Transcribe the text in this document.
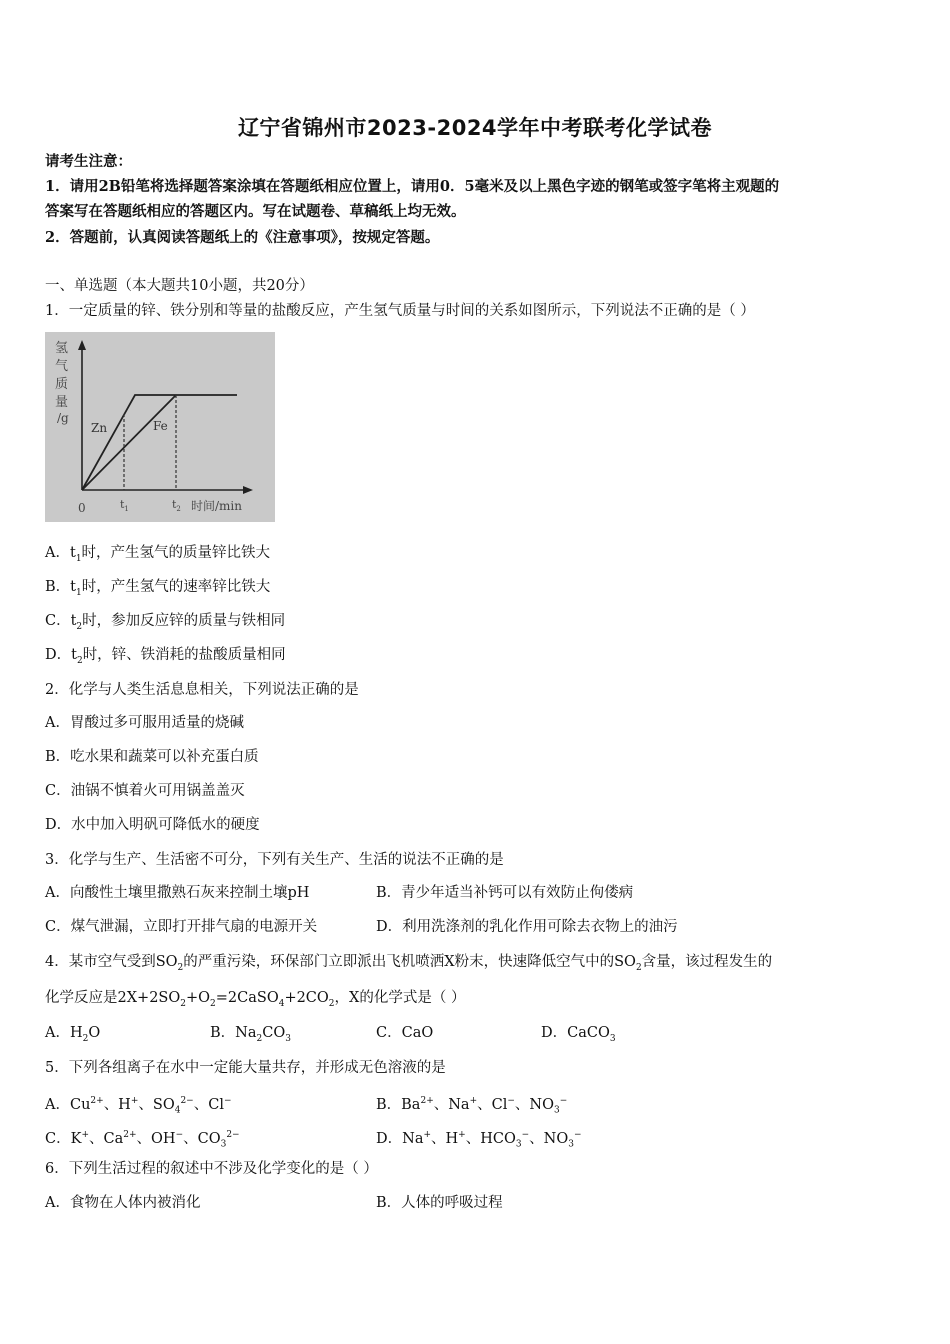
辽宁省锦州市2023-2024学年中考联考化学试卷
请考生注意：
1．请用2B铅笔将选择题答案涂填在答题纸相应位置上，请用0．5毫米及以上黑色字迹的钢笔或签字笔将主观题的
答案写在答题纸相应的答题区内。写在试题卷、草稿纸上均无效。
2．答题前，认真阅读答题纸上的《注意事项》，按规定答题。
一、单选题（本大题共10小题，共20分）
1．一定质量的锌、铁分别和等量的盐酸反应，产生氢气质量与时间的关系如图所示，下列说法不正确的是（ ）
氢
气
质
量
/g
Zn	Fe
0	$t_1$	$t_2$ 时间/min
A．$t_1$时，产生氢气的质量锌比铁大
B．$t_1$时，产生氢气的速率锌比铁大
C．$t_2$时，参加反应锌的质量与铁相同
D．$t_2$时，锌、铁消耗的盐酸质量相同
2．化学与人类生活息息相关，下列说法正确的是
A．胃酸过多可服用适量的烧碱
B．吃水果和蔬菜可以补充蛋白质
C．油锅不慎着火可用锅盖盖灭
D．水中加入明矾可降低水的硬度
3．化学与生产、生活密不可分，下列有关生产、生活的说法不正确的是
A．向酸性土壤里撒熟石灰来控制土壤pH	B．青少年适当补钙可以有效防止佝偻病
C．煤气泄漏，立即打开排气扇的电源开关	D．利用洗涤剂的乳化作用可除去衣物上的油污
4．某市空气受到$SO_2$的严重污染，环保部门立即派出飞机喷洒X粉末，快速降低空气中的$SO_2$含量，该过程发生的
化学反应是$2X+2SO_2+O_2=2CaSO_4+2CO_2$，X的化学式是（ ）
A．$H_2O$	B．$Na_2CO_3$	C．CaO	D．CaCO$_3$
5．下列各组离子在水中一定能大量共存，并形成无色溶液的是
A．$Cu^{2+}$、H+、$SO_4^{2-}$、Cl−	B．$Ba^{2+}$、Na+、Cl−、$NO_3^-$
C．K+、$Ca^{2+}$、OH−、$CO_3^{2-}$	D．Na+、H+、$HCO_3^-$、$NO_3^-$
6．下列生活过程的叙述中不涉及化学变化的是（ ）
A．食物在人体内被消化	B．人体的呼吸过程
